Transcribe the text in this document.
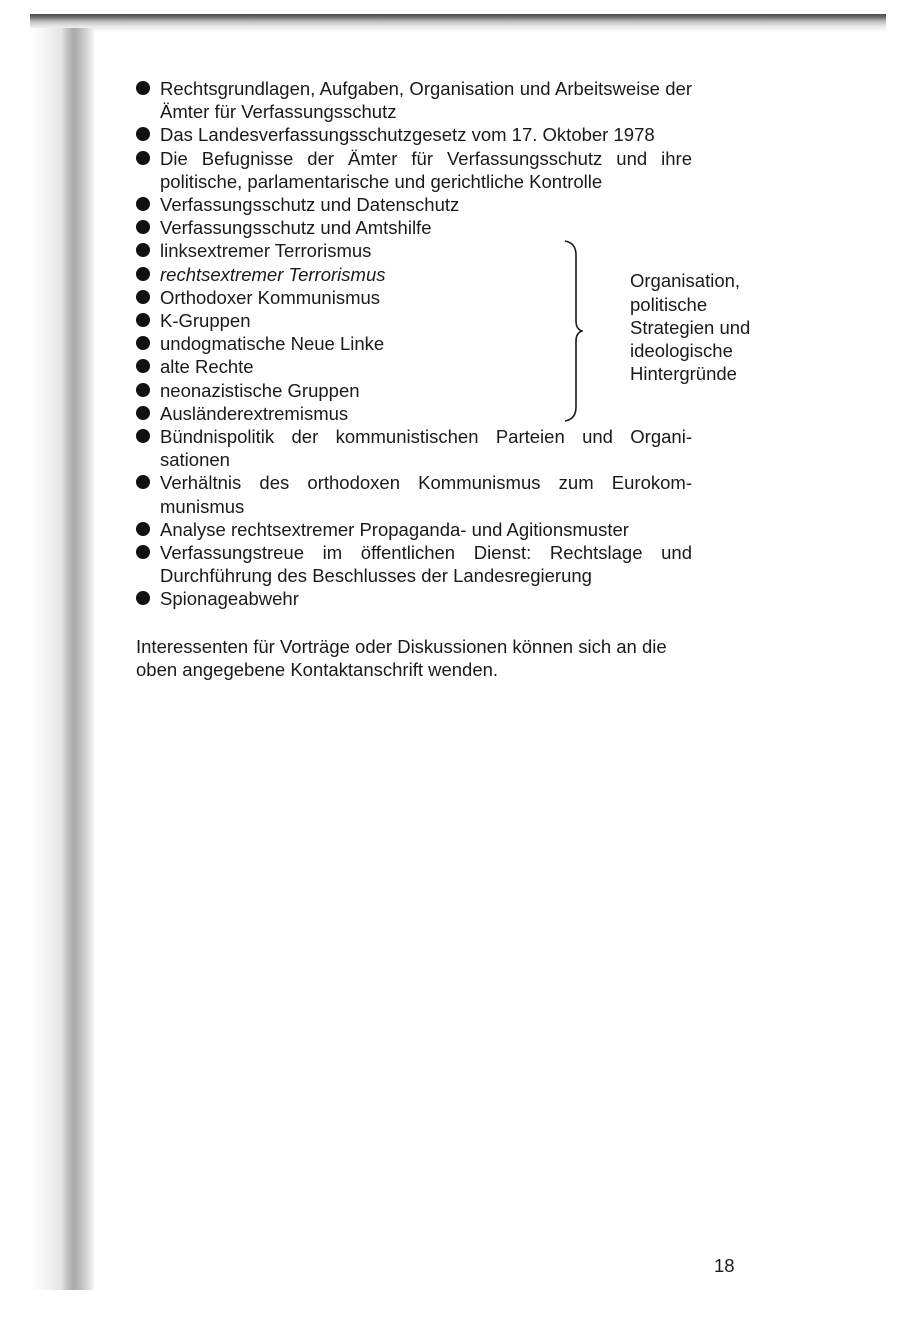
Rechtsgrundlagen, Aufgaben, Organisation und Arbeitsweise der Ämter für Verfassungsschutz
Das Landesverfassungsschutzgesetz vom 17. Oktober 1978
Die Befugnisse der Ämter für Verfassungsschutz und ihre politische, parlamentarische und gerichtliche Kontrolle
Verfassungsschutz und Datenschutz
Verfassungsschutz und Amtshilfe
linksextremer Terrorismus
rechtsextremer Terrorismus
Orthodoxer Kommunismus
K-Gruppen
undogmatische Neue Linke
alte Rechte
neonazistische Gruppen
Ausländerextremismus
Organisation,
politische
Strategien und
ideologische
Hintergründe
Bündnispolitik der kommunistischen Parteien und Organisationen
Verhältnis des orthodoxen Kommunismus zum Eurokommunismus
Analyse rechtsextremer Propaganda- und Agitionsmuster
Verfassungstreue im öffentlichen Dienst: Rechtslage und Durchführung des Beschlusses der Landesregierung
Spionageabwehr

Interessenten für Vorträge oder Diskussionen können sich an die oben angegebene Kontaktanschrift wenden.

18
